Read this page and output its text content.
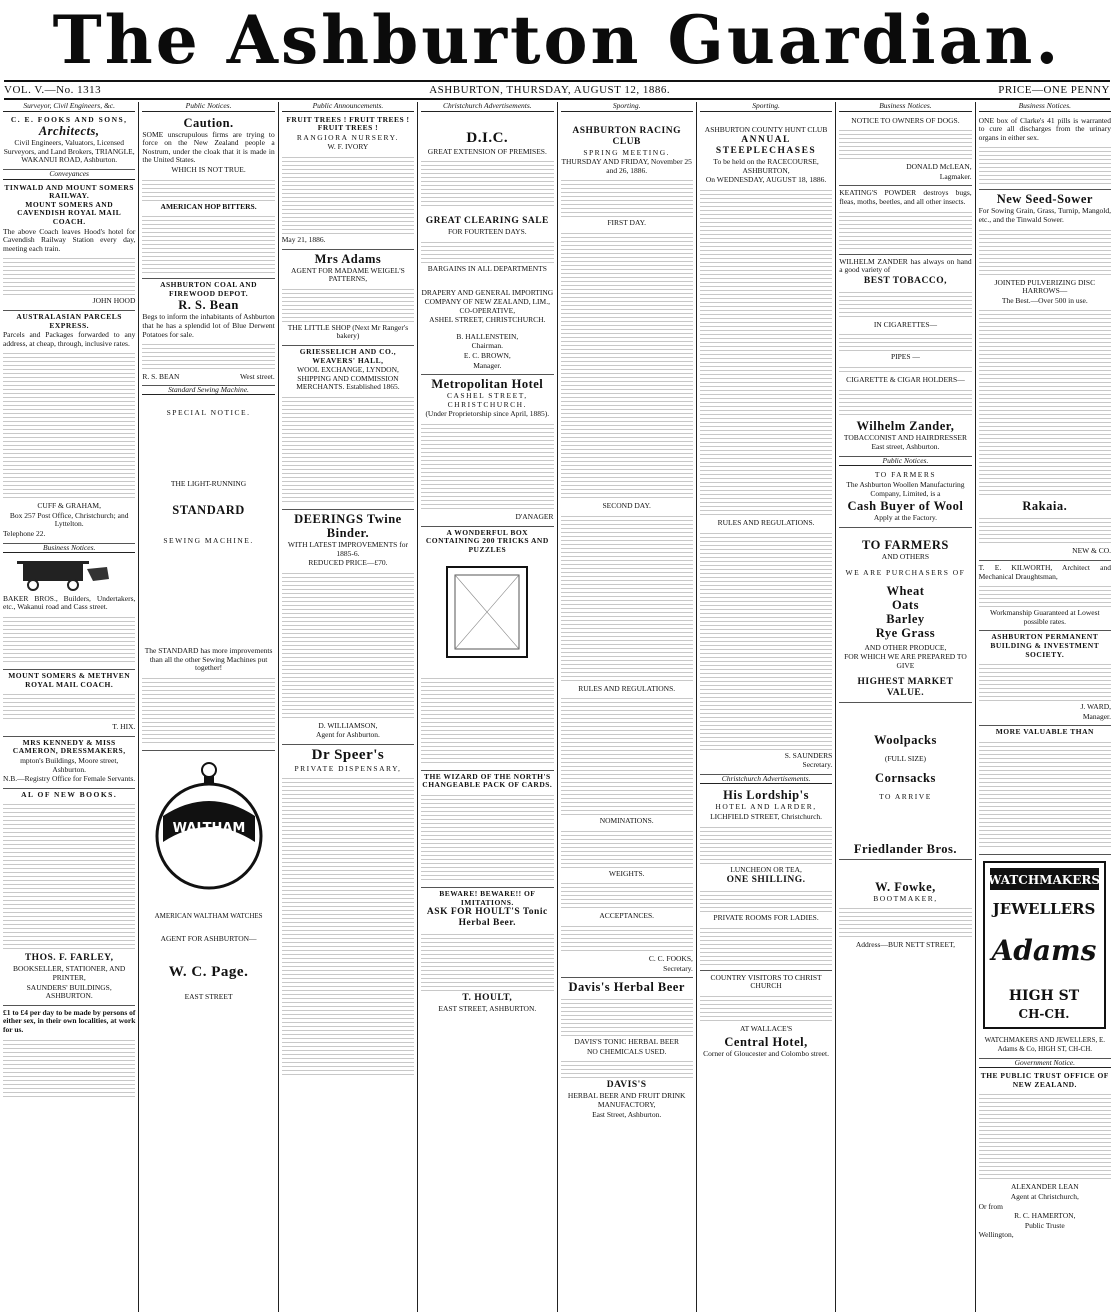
The Ashburton Guardian.
VOL. V.—No. 1313	ASHBURTON, THURSDAY, AUGUST 12, 1886.	PRICE—ONE PENNY
Surveyor, Civil Engineers, &c.
C. E. FOOKS AND SONS,
Architects,

Civil Engineers, Valuators, Licensed Surveyors, and Land Brokers, TRIANGLE, WAKANUI ROAD, Ashburton.

Conveyances
TINWALD AND MOUNT SOMERS RAILWAY.
MOUNT SOMERS AND CAVENDISH ROYAL MAIL COACH.

The above Coach leaves Hood's hotel for Cavendish Railway Station every day, meeting each train.

JOHN HOOD

AUSTRALASIAN PARCELS EXPRESS.

Parcels and Packages forwarded to any address, at cheap, through, inclusive rates.

CUFF & GRAHAM,

Box 257 Post Office, Christchurch; and Lyttelton.

Telephone 22.

Business Notices.

BAKER BROS., Builders, Undertakers, etc., Wakanui road and Cass street.

MOUNT SOMERS & METHVEN ROYAL MAIL COACH.

T. HIX.

MRS KENNEDY & MISS CAMERON, DRESSMAKERS,

mpton's Buildings, Moore street, Ashburton.

N.B.—Registry Office for Female Servants.

AL OF NEW BOOKS.
THOS. F. FARLEY,

BOOKSELLER, STATIONER, AND PRINTER,

SAUNDERS' BUILDINGS, ASHBURTON.

£1 to £4 per day to be made by persons of either sex, in their own localities, at work for us.

Public Notices.
Caution.

SOME unscrupulous firms are trying to force on the New Zealand people a Nostrum, under the cloak that it is made in the United States.

WHICH IS NOT TRUE.

AMERICAN HOP BITTERS.

ASHBURTON COAL AND FIREWOOD DEPOT.
R. S. Bean

Begs to inform the inhabitants of Ashburton that he has a splendid lot of Blue Derwent Potatoes for sale.

R. S. BEAN	West street.
Standard Sewing Machine.

SPECIAL NOTICE.

THE LIGHT-RUNNING

STANDARD

SEWING MACHINE.

The STANDARD has more improvements than all the other Sewing Machines put together!

WALTHAM

AMERICAN WALTHAM WATCHES

AGENT FOR ASHBURTON—

W. C. Page.

EAST STREET

Public Announcements.
FRUIT TREES ! FRUIT TREES ! FRUIT TREES !

RANGIORA NURSERY.

W. F. IVORY

May 21, 1886.

Mrs Adams

AGENT FOR MADAME WEIGEL'S PATTERNS,

THE LITTLE SHOP (Next Mr Ranger's bakery)

GRIESSELICH AND CO., WEAVERS' HALL,

WOOL EXCHANGE, LYNDON, SHIPPING AND COMMISSION MERCHANTS. Established 1865.

DEERINGS Twine Binder.

WITH LATEST IMPROVEMENTS for 1885-6.

REDUCED PRICE—£70.

D. WILLIAMSON,

Agent for Ashburton.

Dr Speer's

PRIVATE DISPENSARY,

Christchurch Advertisements.
D.I.C.

GREAT EXTENSION OF PREMISES.

GREAT CLEARING SALE

FOR FOURTEEN DAYS.

BARGAINS IN ALL DEPARTMENTS

DRAPERY AND GENERAL IMPORTING COMPANY OF NEW ZEALAND, LIM., CO-OPERATIVE,

ASHEL STREET, CHRISTCHURCH.

B. HALLENSTEIN,

Chairman.

E. C. BROWN,

Manager.

Metropolitan Hotel

CASHEL STREET, CHRISTCHURCH.

(Under Proprietorship since April, 1885).

D'ANAGER

A WONDERFUL BOX CONTAINING 200 TRICKS AND PUZZLES
THE WIZARD OF THE NORTH'S CHANGEABLE PACK OF CARDS.
BEWARE! BEWARE!! OF IMITATIONS.
ASK FOR HOULT'S Tonic Herbal Beer.
T. HOULT,

EAST STREET, ASHBURTON.

Sporting.
ASHBURTON RACING CLUB

SPRING MEETING.

THURSDAY AND FRIDAY, November 25 and 26, 1886.

FIRST DAY.

SECOND DAY.

RULES AND REGULATIONS.

NOMINATIONS.

WEIGHTS.

ACCEPTANCES.

C. C. FOOKS,

Secretary.

Davis's Herbal Beer

DAVIS'S TONIC HERBAL BEER

NO CHEMICALS USED.

DAVIS'S

HERBAL BEER AND FRUIT DRINK MANUFACTORY,

East Street, Ashburton.

Sporting.

ASHBURTON COUNTY HUNT CLUB

ANNUAL STEEPLECHASES

To be held on the RACECOURSE, ASHBURTON,

On WEDNESDAY, AUGUST 18, 1886.

RULES AND REGULATIONS.

S. SAUNDERS

Secretary.

Christchurch Advertisements.
His Lordship's

HOTEL AND LARDER,

LICHFIELD STREET, Christchurch.

LUNCHEON OR TEA,

ONE SHILLING.

PRIVATE ROOMS FOR LADIES.

COUNTRY VISITORS TO CHRIST CHURCH

AT WALLACE'S

Central Hotel,

Corner of Gloucester and Colombo street.

Business Notices.

NOTICE TO OWNERS OF DOGS.

DONALD McLEAN,

Lagmaker.

KEATING'S POWDER destroys bugs, fleas, moths, beetles, and all other insects.

WILHELM ZANDER has always on hand a good variety of

BEST TOBACCO,

IN CIGARETTES—

PIPES —

CIGARETTE & CIGAR HOLDERS—

Wilhelm Zander,

TOBACCONIST AND HAIRDRESSER

East street, Ashburton.

Public Notices.

TO FARMERS

The Ashburton Woollen Manufacturing Company, Limited, is a

Cash Buyer of Wool

Apply at the Factory.

TO FARMERS

AND OTHERS

WE ARE PURCHASERS OF

Wheat
Oats
Barley
Rye Grass

AND OTHER PRODUCE,

FOR WHICH WE ARE PREPARED TO GIVE

HIGHEST MARKET VALUE.
Woolpacks

(FULL SIZE)

Cornsacks

TO ARRIVE

Friedlander Bros.
W. Fowke,

BOOTMAKER,

Address—BUR NETT STREET,

Business Notices.

ONE box of Clarke's 41 pills is warranted to cure all discharges from the urinary organs in either sex.

New Seed-Sower

For Sowing Grain, Grass, Turnip, Mangold, etc., and the Tinwald Sower.

JOINTED PULVERIZING DISC HARROWS—

The Best.—Over 500 in use.

Rakaia.

NEW & CO.

T. E. KILWORTH, Architect and Mechanical Draughtsman,

Workmanship Guaranteed at Lowest possible rates.

ASHBURTON PERMANENT BUILDING & INVESTMENT SOCIETY.

J. WARD,

Manager.

MORE VALUABLE THAN
WATCHMAKERS
JEWELLERS
Adams
HIGH ST
CH-CH.

WATCHMAKERS AND JEWELLERS, E. Adams & Co, HIGH ST, CH-CH.

Government Notice.
THE PUBLIC TRUST OFFICE OF NEW ZEALAND.

ALEXANDER LEAN

Agent at Christchurch,

Or from

R. C. HAMERTON,

Public Truste

Wellington,
